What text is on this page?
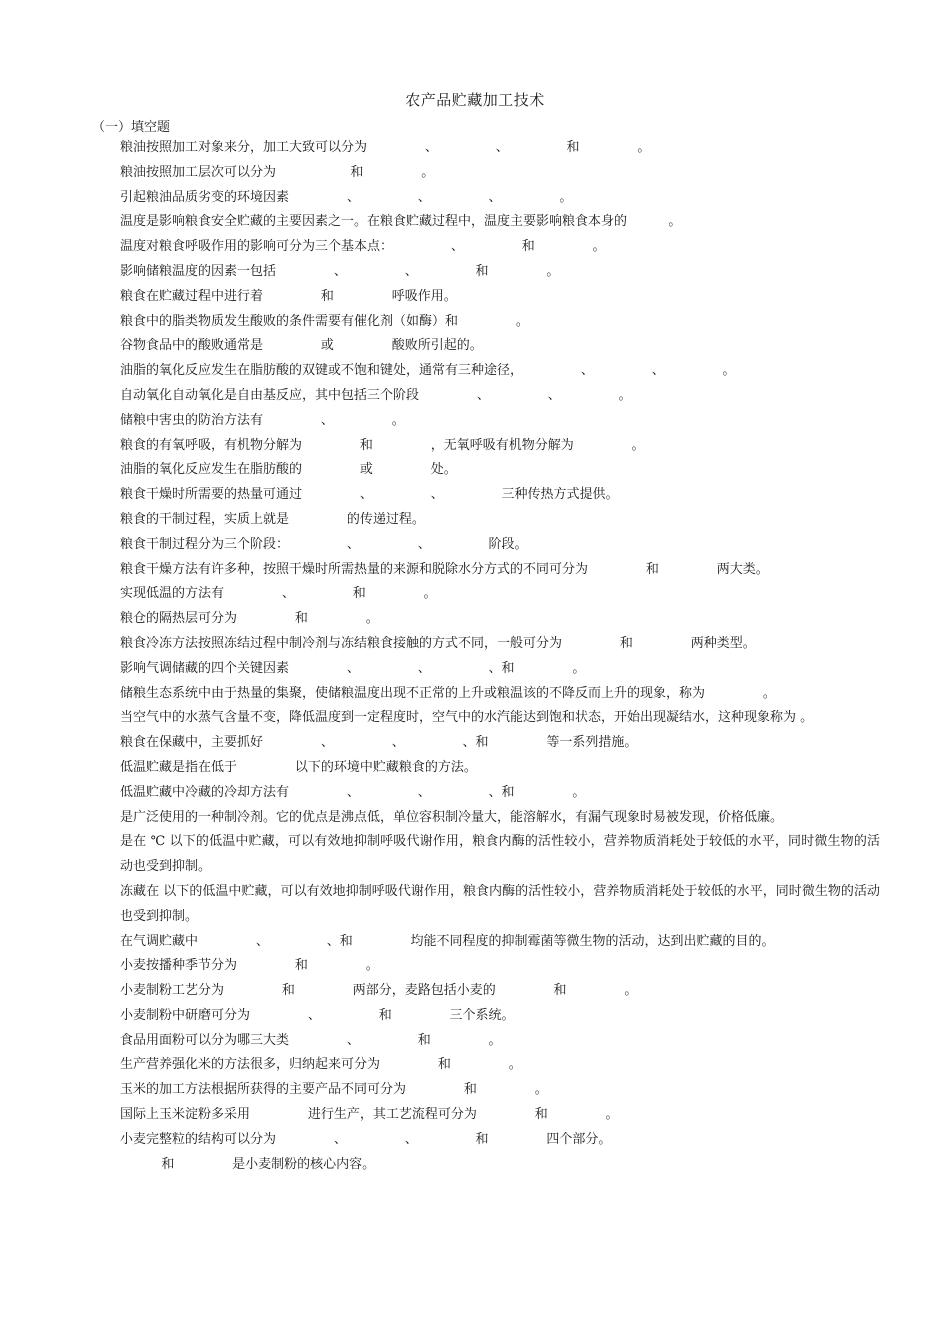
农产品贮藏加工技术
（一）填空题
粮油按照加工对象来分，加工大致可以分为              、              、              和              。
粮油按照加工层次可以分为                  和              。
引起粮油品质劣变的环境因素              、              、              、              。
温度是影响粮食安全贮藏的主要因素之一。在粮食贮藏过程中，温度主要影响粮食本身的          。
温度对粮食呼吸作用的影响可分为三个基本点：              、              和              。
影响储粮温度的因素一包括              、              、              和              。
粮食在贮藏过程中进行着              和              呼吸作用。
粮食中的脂类物质发生酸败的条件需要有催化剂（如酶）和              。
谷物食品中的酸败通常是              或              酸败所引起的。
油脂的氧化反应发生在脂肪酸的双键或不饱和键处，通常有三种途径，              、              、              。
自动氧化自动氧化是自由基反应，其中包括三个阶段              、              、              。
储粮中害虫的防治方法有              、              。
粮食的有氧呼吸，有机物分解为              和              ，无氧呼吸有机物分解为              。
油脂的氧化反应发生在脂肪酸的              或              处。
粮食干燥时所需要的热量可通过              、              、              三种传热方式提供。
粮食的干制过程，实质上就是              的传递过程。
粮食干制过程分为三个阶段：              、              、              阶段。
粮食干燥方法有许多种，按照干燥时所需热量的来源和脱除水分方式的不同可分为              和              两大类。
实现低温的方法有              、              和              。
粮仓的隔热层可分为              和              。
粮食冷冻方法按照冻结过程中制冷剂与冻结粮食接触的方式不同，一般可分为              和              两种类型。
影响气调储藏的四个关键因素              、              、              、和              。
储粮生态系统中由于热量的集聚，使储粮温度出现不正常的上升或粮温该的不降反而上升的现象，称为              。
当空气中的水蒸气含量不变，降低温度到一定程度时，空气中的水汽能达到饱和状态，开始出现凝结水，这种现象称为 。
粮食在保藏中，主要抓好              、              、              、和              等一系列措施。
低温贮藏是指在低于              以下的环境中贮藏粮食的方法。
低温贮藏中冷藏的冷却方法有              、              、              、和              。
是广泛使用的一种制冷剂。它的优点是沸点低，单位容积制冷量大，能溶解水，有漏气现象时易被发现，价格低廉。
是在 ℃ 以下的低温中贮藏，可以有效地抑制呼吸代谢作用，粮食内酶的活性较小，营养物质消耗处于较低的水平，同时微生物的活动也受到抑制。
冻藏在 以下的低温中贮藏，可以有效地抑制呼吸代谢作用，粮食内酶的活性较小，营养物质消耗处于较低的水平，同时微生物的活动也受到抑制。
在气调贮藏中              、              、和              均能不同程度的抑制霉菌等微生物的活动，达到出贮藏的目的。
小麦按播种季节分为              和              。
小麦制粉工艺分为              和              两部分，麦路包括小麦的              和              。
小麦制粉中研磨可分为              、              和              三个系统。
食品用面粉可以分为哪三大类              、              和              。
生产营养强化米的方法很多，归纳起来可分为              和              。
玉米的加工方法根据所获得的主要产品不同可分为              和              。
国际上玉米淀粉多采用              进行生产，其工艺流程可分为              和              。
小麦完整粒的结构可以分为              、              、              和              四个部分。
和              是小麦制粉的核心内容。
